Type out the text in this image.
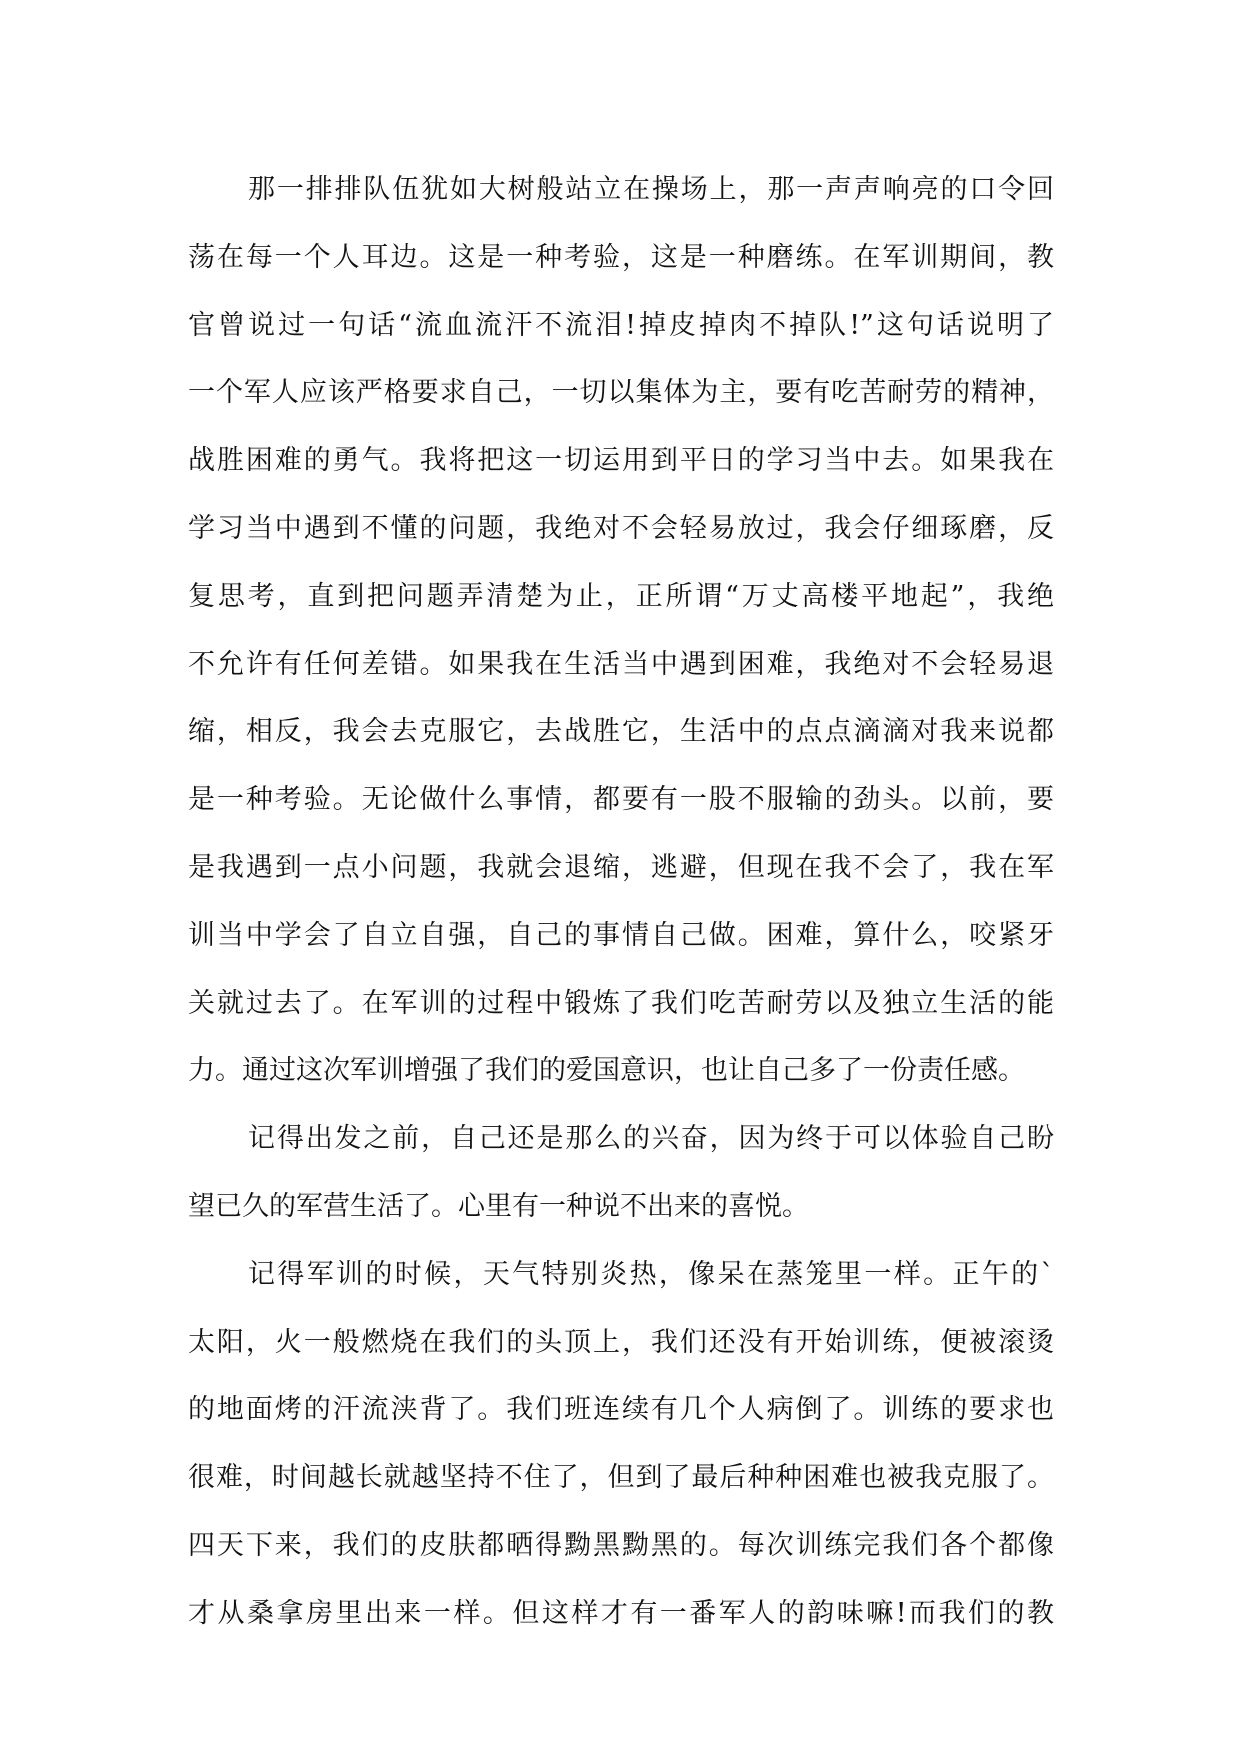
那一排排队伍犹如大树般站立在操场上，那一声声响亮的口令回
荡在每一个人耳边。这是一种考验，这是一种磨练。在军训期间，教
官曾说过一句话“流血流汗不流泪!掉皮掉肉不掉队!”这句话说明了
一个军人应该严格要求自己，一切以集体为主，要有吃苦耐劳的精神，
战胜困难的勇气。我将把这一切运用到平日的学习当中去。如果我在
学习当中遇到不懂的问题，我绝对不会轻易放过，我会仔细琢磨，反
复思考，直到把问题弄清楚为止，正所谓“万丈高楼平地起”，我绝
不允许有任何差错。如果我在生活当中遇到困难，我绝对不会轻易退
缩，相反，我会去克服它，去战胜它，生活中的点点滴滴对我来说都
是一种考验。无论做什么事情，都要有一股不服输的劲头。以前，要
是我遇到一点小问题，我就会退缩，逃避，但现在我不会了，我在军
训当中学会了自立自强，自己的事情自己做。困难，算什么，咬紧牙
关就过去了。在军训的过程中锻炼了我们吃苦耐劳以及独立生活的能
力。通过这次军训增强了我们的爱国意识，也让自己多了一份责任感。
记得出发之前，自己还是那么的兴奋，因为终于可以体验自己盼
望已久的军营生活了。心里有一种说不出来的喜悦。
记得军训的时候，天气特别炎热，像呆在蒸笼里一样。正午的`
太阳，火一般燃烧在我们的头顶上，我们还没有开始训练，便被滚烫
的地面烤的汗流浃背了。我们班连续有几个人病倒了。训练的要求也
很难，时间越长就越坚持不住了，但到了最后种种困难也被我克服了。
四天下来，我们的皮肤都晒得黝黑黝黑的。每次训练完我们各个都像
才从桑拿房里出来一样。但这样才有一番军人的韵味嘛!而我们的教
